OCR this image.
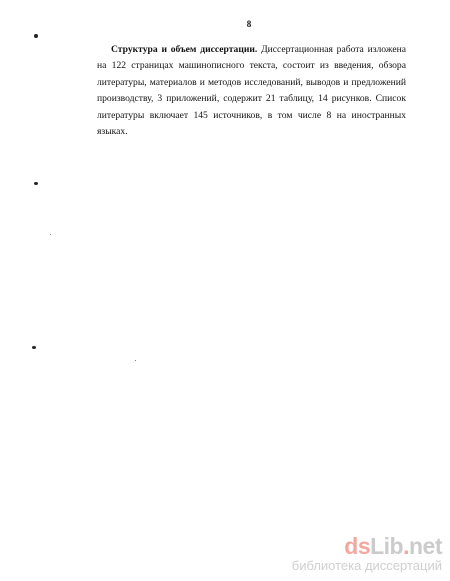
8

Структура и объем диссертации. Диссертационная работа изложена на 122 страницах машинописного текста, состоит из введения, обзора литературы, материалов и методов исследований, выводов и предложений производству, 3 приложений, содержит 21 таблицу, 14 рисунков. Список литературы включает 145 источников, в том числе 8 на иностранных языках.

dsLib.net
библиотека диссертаций
